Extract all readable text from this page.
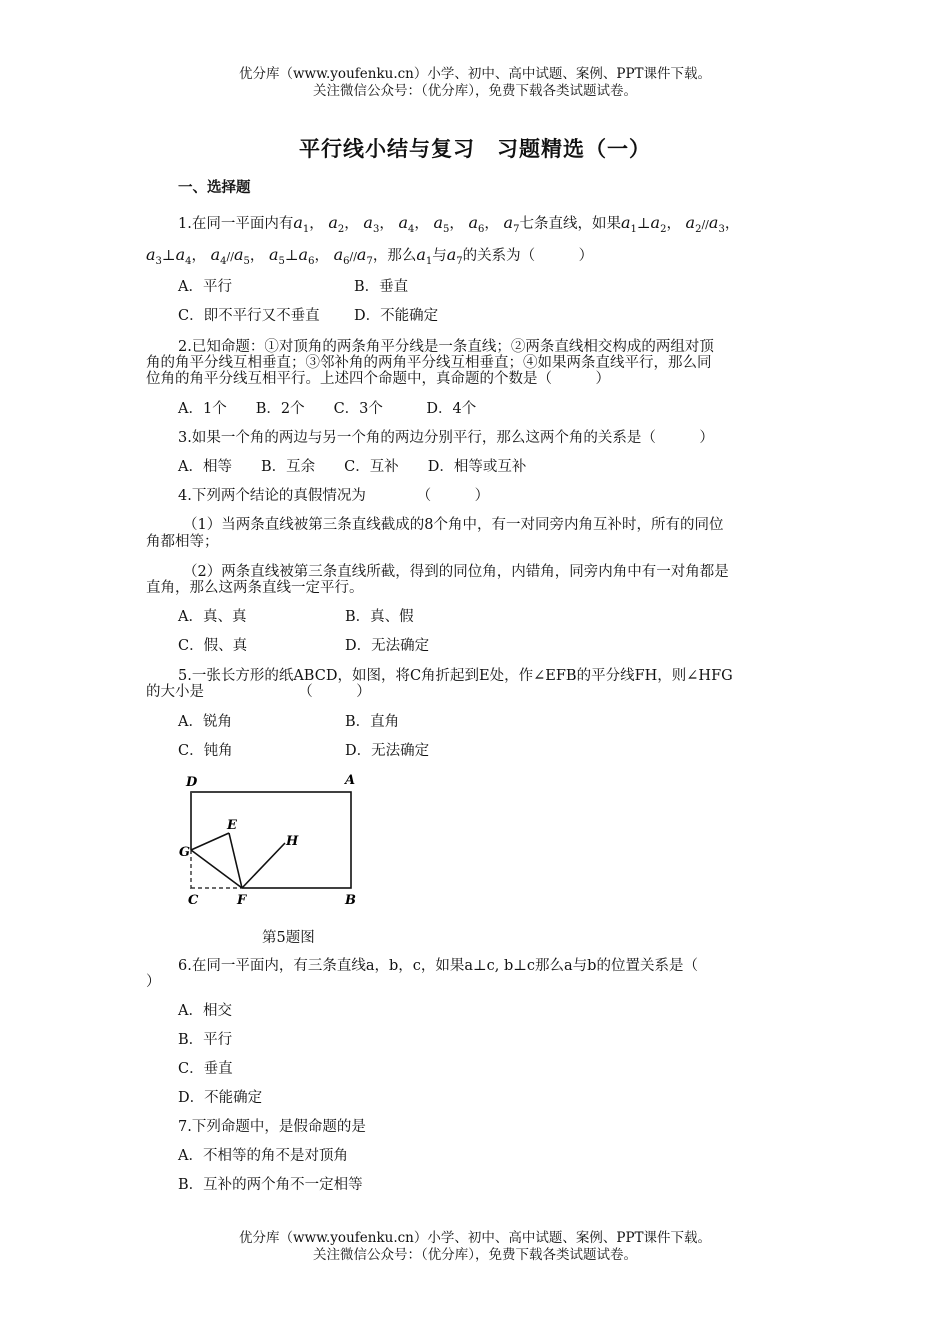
优分库（www.youfenku.cn）小学、初中、高中试题、案例、PPT课件下载。
关注微信公众号：（优分库），免费下载各类试题试卷。
平行线小结与复习　习题精选（一）
一、选择题
1.在同一平面内有$a_1$， $a_2$， $a_3$， $a_4$， $a_5$， $a_6$， $a_7$七条直线，如果$a_1\perp a_2$， $a_2//a_3$，
$a_3\perp a_4$， $a_4//a_5$， $a_5\perp a_6$， $a_6//a_7$，那么$a_1$与$a_7$的关系为（　　　）
A．平行	B．垂直
C．即不平行又不垂直 D．不能确定
2.已知命题：①对顶角的两条角平分线是一条直线；②两条直线相交构成的两组对顶
角的角平分线互相垂直；③邻补角的两角平分线互相垂直；④如果两条直线平行，那么同
位角的角平分线互相平行。上述四个命题中，真命题的个数是（　　　）
A．1个　　B．2个　　C．3个　　　D．4个
3.如果一个角的两边与另一个角的两边分别平行，那么这两个角的关系是（　　　）
A．相等　　B．互余　　C．互补　　D．相等或互补
4.下列两个结论的真假情况为　　　　（　　　）
（1）当两条直线被第三条直线截成的8个角中，有一对同旁内角互补时，所有的同位
角都相等；
（2）两条直线被第三条直线所截，得到的同位角，内错角，同旁内角中有一对角都是
直角，那么这两条直线一定平行。
A．真、真	B．真、假
C．假、真	D．无法确定
5.一张长方形的纸ABCD，如图，将C角折起到E处，作∠EFB的平分线FH，则∠HFG
的大小是　　　　　　　（　　　）
A．锐角	B．直角
C．钝角	D．无法确定
D	A
E
H
G
C	F	B
第5题图
6.在同一平面内，有三条直线a，b，c，如果a⊥c, b⊥c那么a与b的位置关系是（
）
A．相交
B．平行
C．垂直
D．不能确定
7.下列命题中，是假命题的是
A．不相等的角不是对顶角
B．互补的两个角不一定相等
优分库（www.youfenku.cn）小学、初中、高中试题、案例、PPT课件下载。
关注微信公众号：（优分库），免费下载各类试题试卷。
